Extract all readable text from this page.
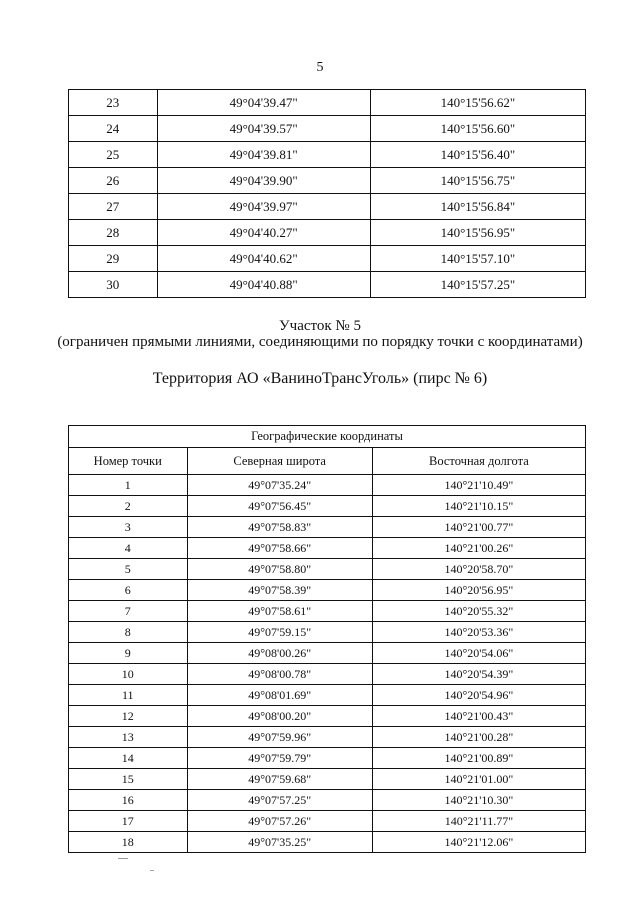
5
23	49°04'39.47"	140°15'56.62"
24	49°04'39.57"	140°15'56.60"
25	49°04'39.81"	140°15'56.40"
26	49°04'39.90"	140°15'56.75"
27	49°04'39.97"	140°15'56.84"
28	49°04'40.27"	140°15'56.95"
29	49°04'40.62"	140°15'57.10"
30	49°04'40.88"	140°15'57.25"
Участок № 5
(ограничен прямыми линиями, соединяющими по порядку точки с координатами)
Территория АО «ВаниноТрансУголь» (пирс № 6)
Географические координаты		
Номер точки	Северная широта	Восточная долгота
1	49°07'35.24"	140°21'10.49"
2	49°07'56.45"	140°21'10.15"
3	49°07'58.83"	140°21'00.77"
4	49°07'58.66"	140°21'00.26"
5	49°07'58.80"	140°20'58.70"
6	49°07'58.39"	140°20'56.95"
7	49°07'58.61"	140°20'55.32"
8	49°07'59.15"	140°20'53.36"
9	49°08'00.26"	140°20'54.06"
10	49°08'00.78"	140°20'54.39"
11	49°08'01.69"	140°20'54.96"
12	49°08'00.20"	140°21'00.43"
13	49°07'59.96"	140°21'00.28"
14	49°07'59.79"	140°21'00.89"
15	49°07'59.68"	140°21'01.00"
16	49°07'57.25"	140°21'10.30"
17	49°07'57.26"	140°21'11.77"
18	49°07'35.25"	140°21'12.06"
